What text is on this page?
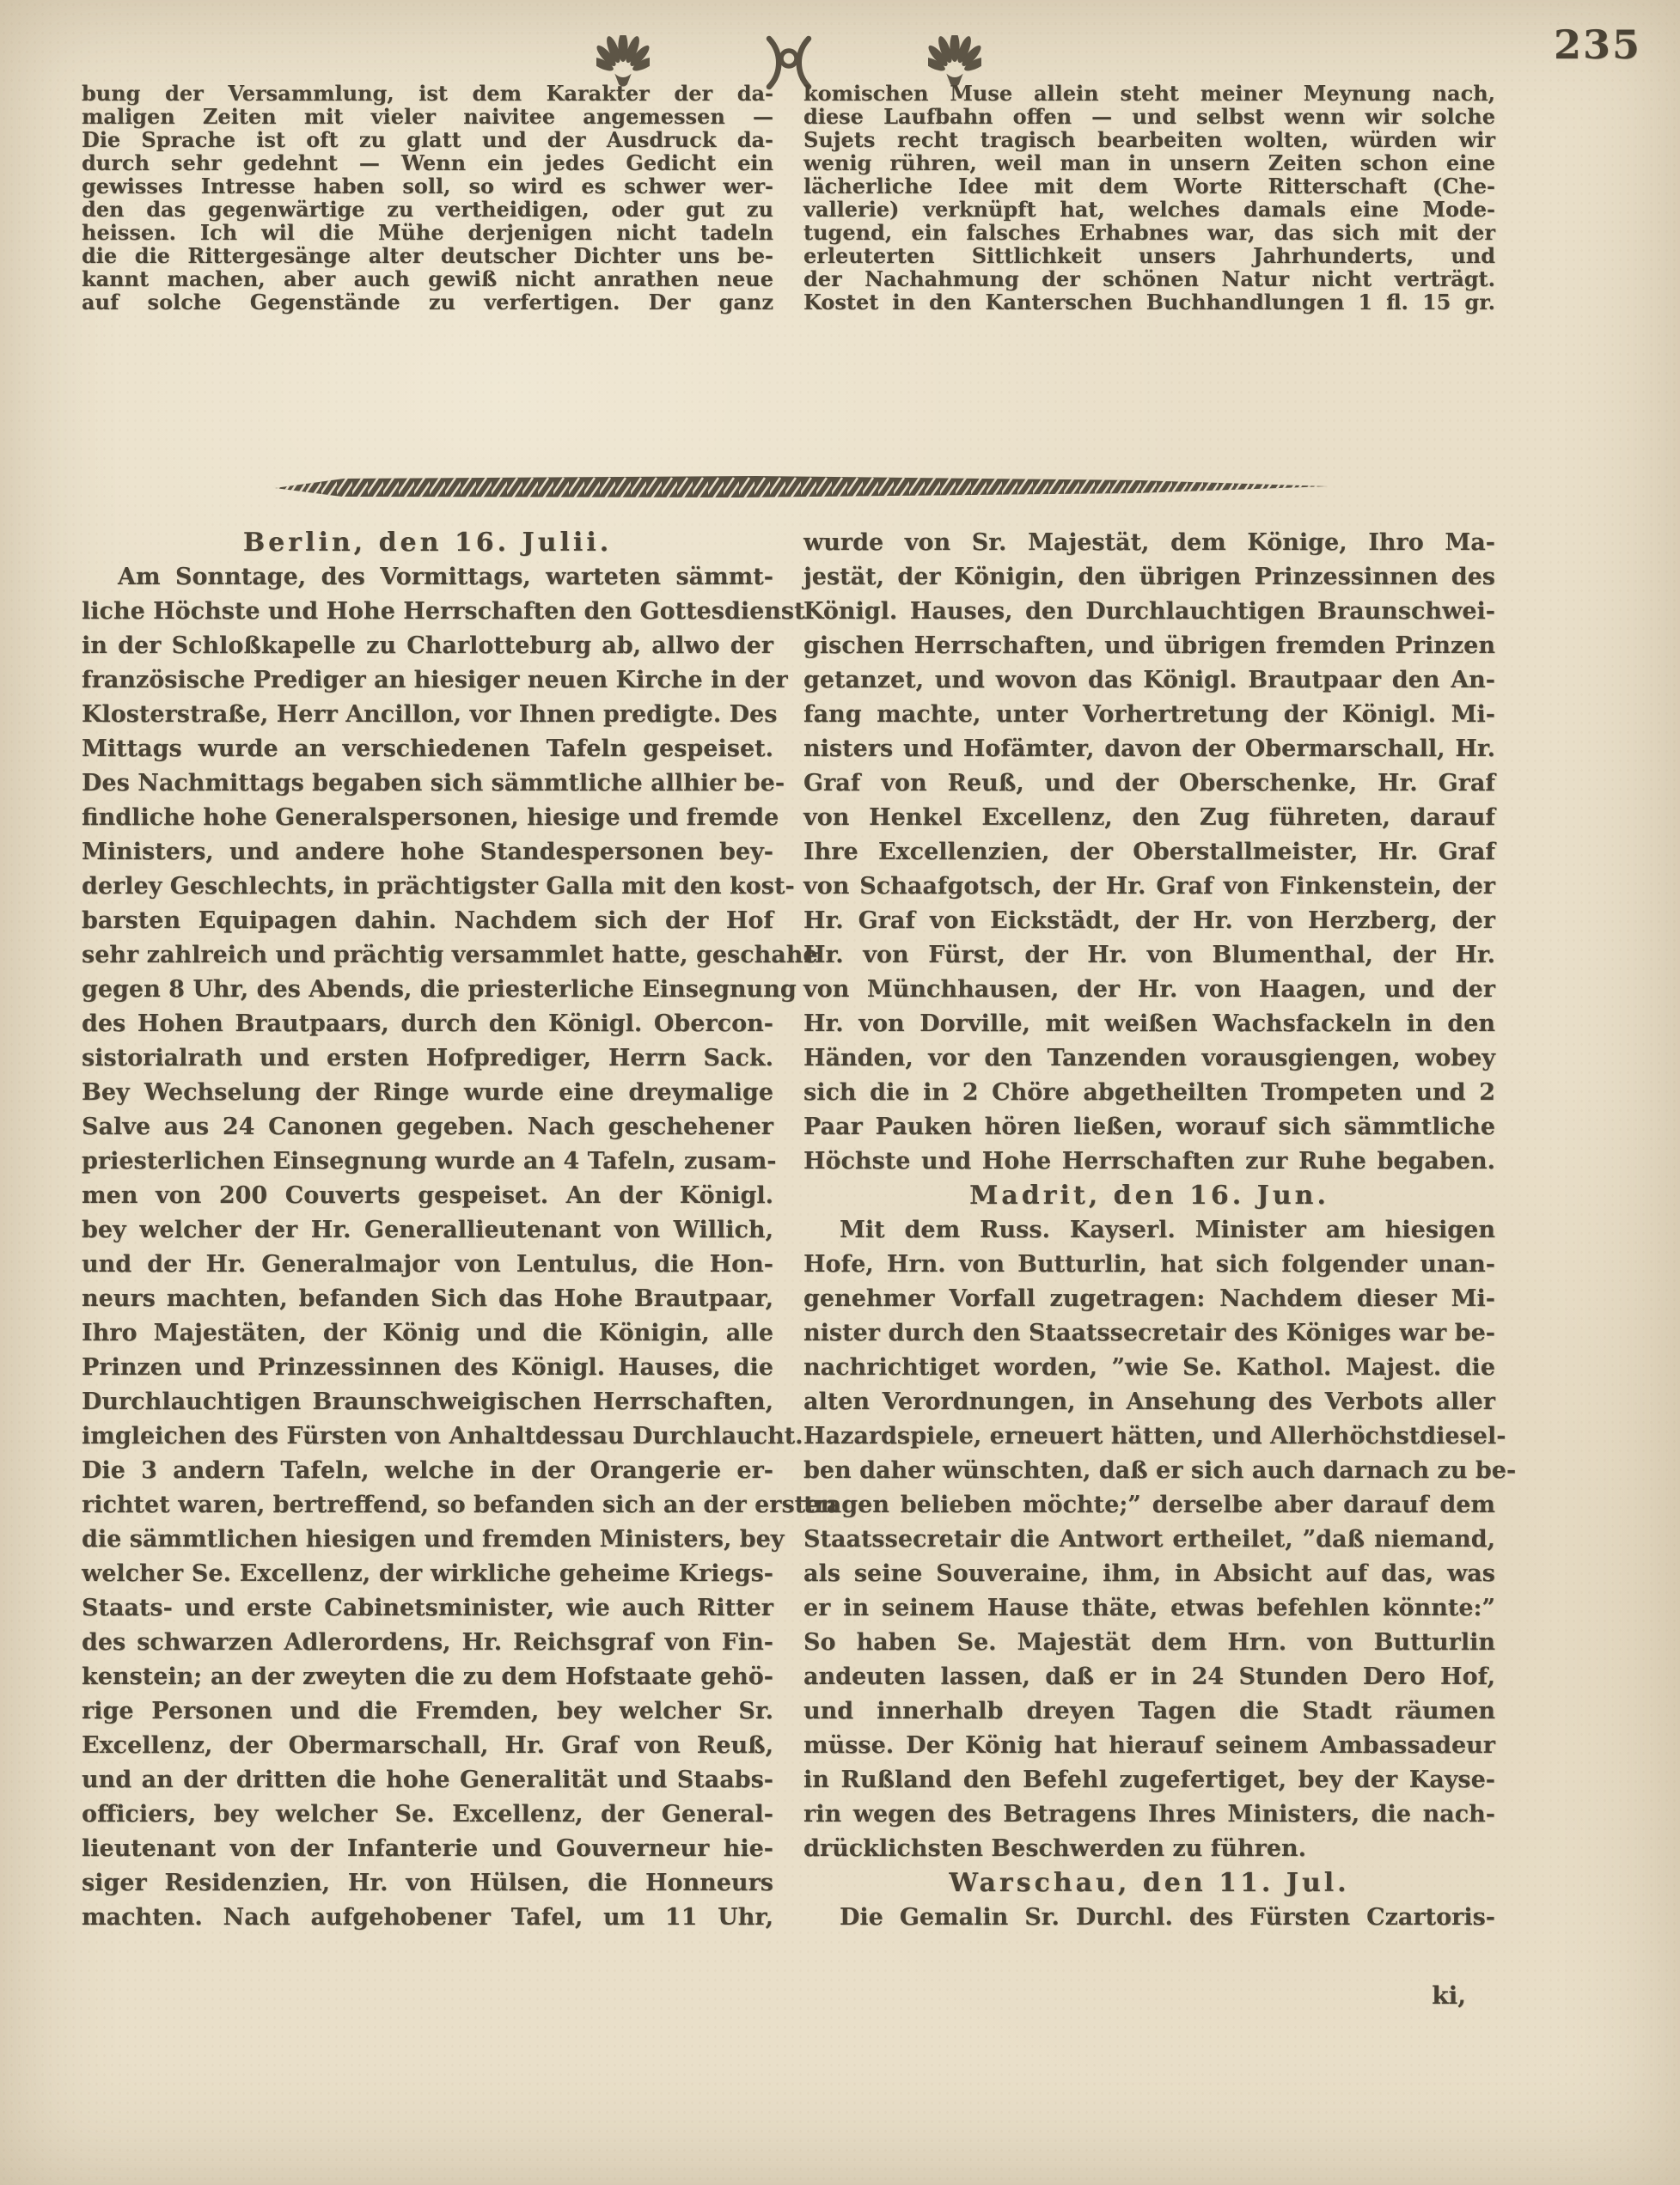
235
bung der Versammlung, ist dem Karakter der da-
maligen Zeiten mit vieler naivitee angemessen —
Die Sprache ist oft zu glatt und der Ausdruck da-
durch sehr gedehnt — Wenn ein jedes Gedicht ein
gewisses Intresse haben soll, so wird es schwer wer-
den das gegenwärtige zu vertheidigen, oder gut zu
heissen. Ich wil die Mühe derjenigen nicht tadeln
die die Rittergesänge alter deutscher Dichter uns be-
kannt machen, aber auch gewiß nicht anrathen neue
auf solche Gegenstände zu verfertigen. Der ganz
komischen Muse allein steht meiner Meynung nach,
diese Laufbahn offen — und selbst wenn wir solche
Sujets recht tragisch bearbeiten wolten, würden wir
wenig rühren, weil man in unsern Zeiten schon eine
lächerliche Idee mit dem Worte Ritterschaft (Che-
vallerie) verknüpft hat, welches damals eine Mode-
tugend, ein falsches Erhabnes war, das sich mit der
erleuterten Sittlichkeit unsers Jahrhunderts, und
der Nachahmung der schönen Natur nicht verträgt.
Kostet in den Kanterschen Buchhandlungen 1 fl. 15 gr.
Berlin, den 16. Julii.
Am Sonntage, des Vormittags, warteten sämmt-
liche Höchste und Hohe Herrschaften den Gottesdienst
in der Schloßkapelle zu Charlotteburg ab, allwo der
französische Prediger an hiesiger neuen Kirche in der
Klosterstraße, Herr Ancillon, vor Ihnen predigte. Des
Mittags wurde an verschiedenen Tafeln gespeiset.
Des Nachmittags begaben sich sämmtliche allhier be-
findliche hohe Generalspersonen, hiesige und fremde
Ministers, und andere hohe Standespersonen bey-
derley Geschlechts, in prächtigster Galla mit den kost-
barsten Equipagen dahin. Nachdem sich der Hof
sehr zahlreich und prächtig versammlet hatte, geschahe
gegen 8 Uhr, des Abends, die priesterliche Einsegnung
des Hohen Brautpaars, durch den Königl. Obercon-
sistorialrath und ersten Hofprediger, Herrn Sack.
Bey Wechselung der Ringe wurde eine dreymalige
Salve aus 24 Canonen gegeben. Nach geschehener
priesterlichen Einsegnung wurde an 4 Tafeln, zusam-
men von 200 Couverts gespeiset. An der Königl.
bey welcher der Hr. Generallieutenant von Willich,
und der Hr. Generalmajor von Lentulus, die Hon-
neurs machten, befanden Sich das Hohe Brautpaar,
Ihro Majestäten, der König und die Königin, alle
Prinzen und Prinzessinnen des Königl. Hauses, die
Durchlauchtigen Braunschweigischen Herrschaften,
imgleichen des Fürsten von Anhaltdessau Durchlaucht.
Die 3 andern Tafeln, welche in der Orangerie er-
richtet waren, bertreffend, so befanden sich an der ersten
die sämmtlichen hiesigen und fremden Ministers, bey
welcher Se. Excellenz, der wirkliche geheime Kriegs-
Staats- und erste Cabinetsminister, wie auch Ritter
des schwarzen Adlerordens, Hr. Reichsgraf von Fin-
kenstein; an der zweyten die zu dem Hofstaate gehö-
rige Personen und die Fremden, bey welcher Sr.
Excellenz, der Obermarschall, Hr. Graf von Reuß,
und an der dritten die hohe Generalität und Staabs-
officiers, bey welcher Se. Excellenz, der General-
lieutenant von der Infanterie und Gouverneur hie-
siger Residenzien, Hr. von Hülsen, die Honneurs
machten. Nach aufgehobener Tafel, um 11 Uhr,
wurde von Sr. Majestät, dem Könige, Ihro Ma-
jestät, der Königin, den übrigen Prinzessinnen des
Königl. Hauses, den Durchlauchtigen Braunschwei-
gischen Herrschaften, und übrigen fremden Prinzen
getanzet, und wovon das Königl. Brautpaar den An-
fang machte, unter Vorhertretung der Königl. Mi-
nisters und Hofämter, davon der Obermarschall, Hr.
Graf von Reuß, und der Oberschenke, Hr. Graf
von Henkel Excellenz, den Zug führeten, darauf
Ihre Excellenzien, der Oberstallmeister, Hr. Graf
von Schaafgotsch, der Hr. Graf von Finkenstein, der
Hr. Graf von Eickstädt, der Hr. von Herzberg, der
Hr. von Fürst, der Hr. von Blumenthal, der Hr.
von Münchhausen, der Hr. von Haagen, und der
Hr. von Dorville, mit weißen Wachsfackeln in den
Händen, vor den Tanzenden vorausgiengen, wobey
sich die in 2 Chöre abgetheilten Trompeten und 2
Paar Pauken hören ließen, worauf sich sämmtliche
Höchste und Hohe Herrschaften zur Ruhe begaben.
Madrit, den 16. Jun.
Mit dem Russ. Kayserl. Minister am hiesigen
Hofe, Hrn. von Butturlin, hat sich folgender unan-
genehmer Vorfall zugetragen: Nachdem dieser Mi-
nister durch den Staatssecretair des Königes war be-
nachrichtiget worden, ”wie Se. Kathol. Majest. die
alten Verordnungen, in Ansehung des Verbots aller
Hazardspiele, erneuert hätten, und Allerhöchstdiesel-
ben daher wünschten, daß er sich auch darnach zu be-
tragen belieben möchte;” derselbe aber darauf dem
Staatssecretair die Antwort ertheilet, ”daß niemand,
als seine Souveraine, ihm, in Absicht auf das, was
er in seinem Hause thäte, etwas befehlen könnte:”
So haben Se. Majestät dem Hrn. von Butturlin
andeuten lassen, daß er in 24 Stunden Dero Hof,
und innerhalb dreyen Tagen die Stadt räumen
müsse. Der König hat hierauf seinem Ambassadeur
in Rußland den Befehl zugefertiget, bey der Kayse-
rin wegen des Betragens Ihres Ministers, die nach-
drücklichsten Beschwerden zu führen.
Warschau, den 11. Jul.
Die Gemalin Sr. Durchl. des Fürsten Czartoris-
ki,
